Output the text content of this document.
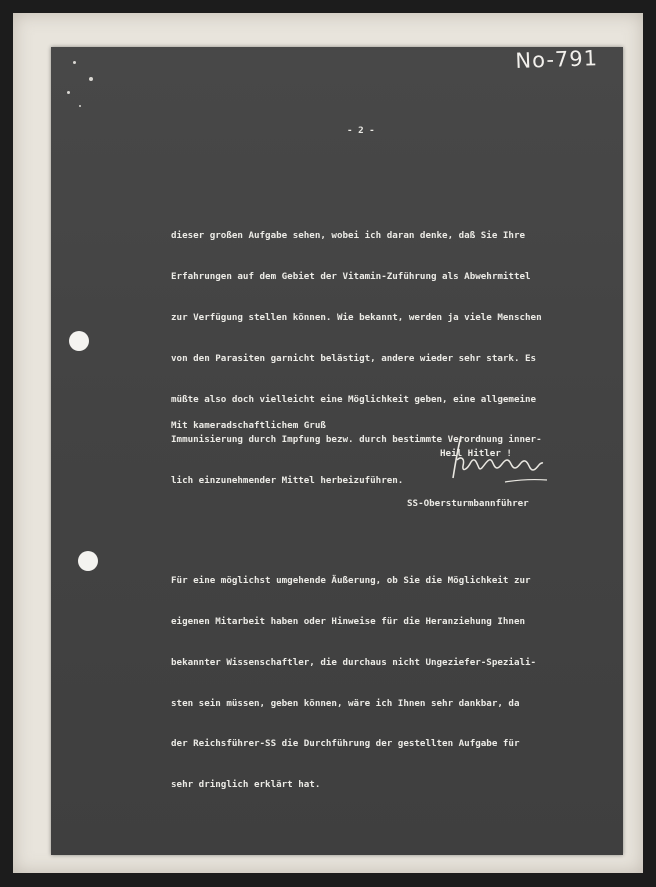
- 2 -

dieser großen Aufgabe sehen, wobei ich daran denke, daß Sie Ihre

Erfahrungen auf dem Gebiet der Vitamin-Zuführung als Abwehrmittel

zur Verfügung stellen können. Wie bekannt, werden ja viele Menschen

von den Parasiten garnicht belästigt, andere wieder sehr stark. Es

müßte also doch vielleicht eine Möglichkeit geben, eine allgemeine

Immunisierung durch Impfung bezw. durch bestimmte Verordnung inner-

lich einzunehmender Mittel herbeizuführen.

Für eine möglichst umgehende Äußerung, ob Sie die Möglichkeit zur

eigenen Mitarbeit haben oder Hinweise für die Heranziehung Ihnen

bekannter Wissenschaftler, die durchaus nicht Ungeziefer-Speziali-

sten sein müssen, geben können, wäre ich Ihnen sehr dankbar, da

der Reichsführer-SS die Durchführung der gestellten Aufgabe für

sehr dringlich erklärt hat.

Mit kameradschaftlichem Gruß
Heil Hitler !
SS-Obersturmbannführer
No-791
